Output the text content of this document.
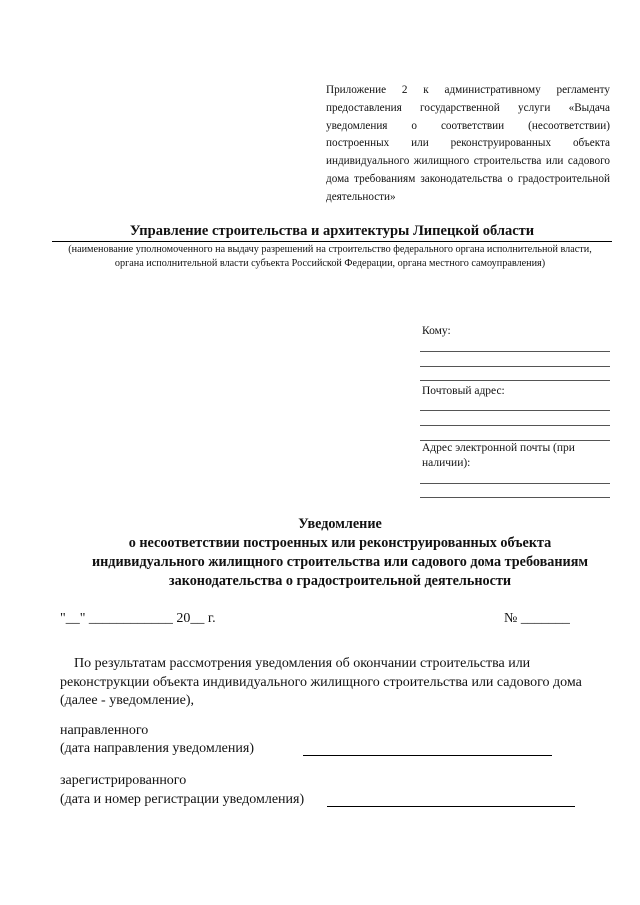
Приложение 2 к административному регламенту предоставления государственной услуги «Выдача уведомления о соответствии (несоответствии) построенных или реконструированных объекта индивидуального жилищного строительства или садового дома требованиям законодательства о градостроительной деятельности»
Управление строительства и архитектуры Липецкой области
(наименование уполномоченного на выдачу разрешений на строительство федерального органа исполнительной власти, органа исполнительной власти субъекта Российской Федерации, органа местного самоуправления)
Кому:
Почтовый адрес:
Адрес электронной почты (при
наличии):
Уведомление
о несоответствии построенных или реконструированных объекта
индивидуального жилищного строительства или садового дома требованиям
законодательства о градостроительной деятельности
"__" ____________ 20__ г.	№ _______
По результатам рассмотрения уведомления об окончании строительства или реконструкции объекта индивидуального жилищного строительства или садового дома (далее - уведомление),
направленного
(дата направления уведомления)
зарегистрированного
(дата и номер регистрации уведомления)
